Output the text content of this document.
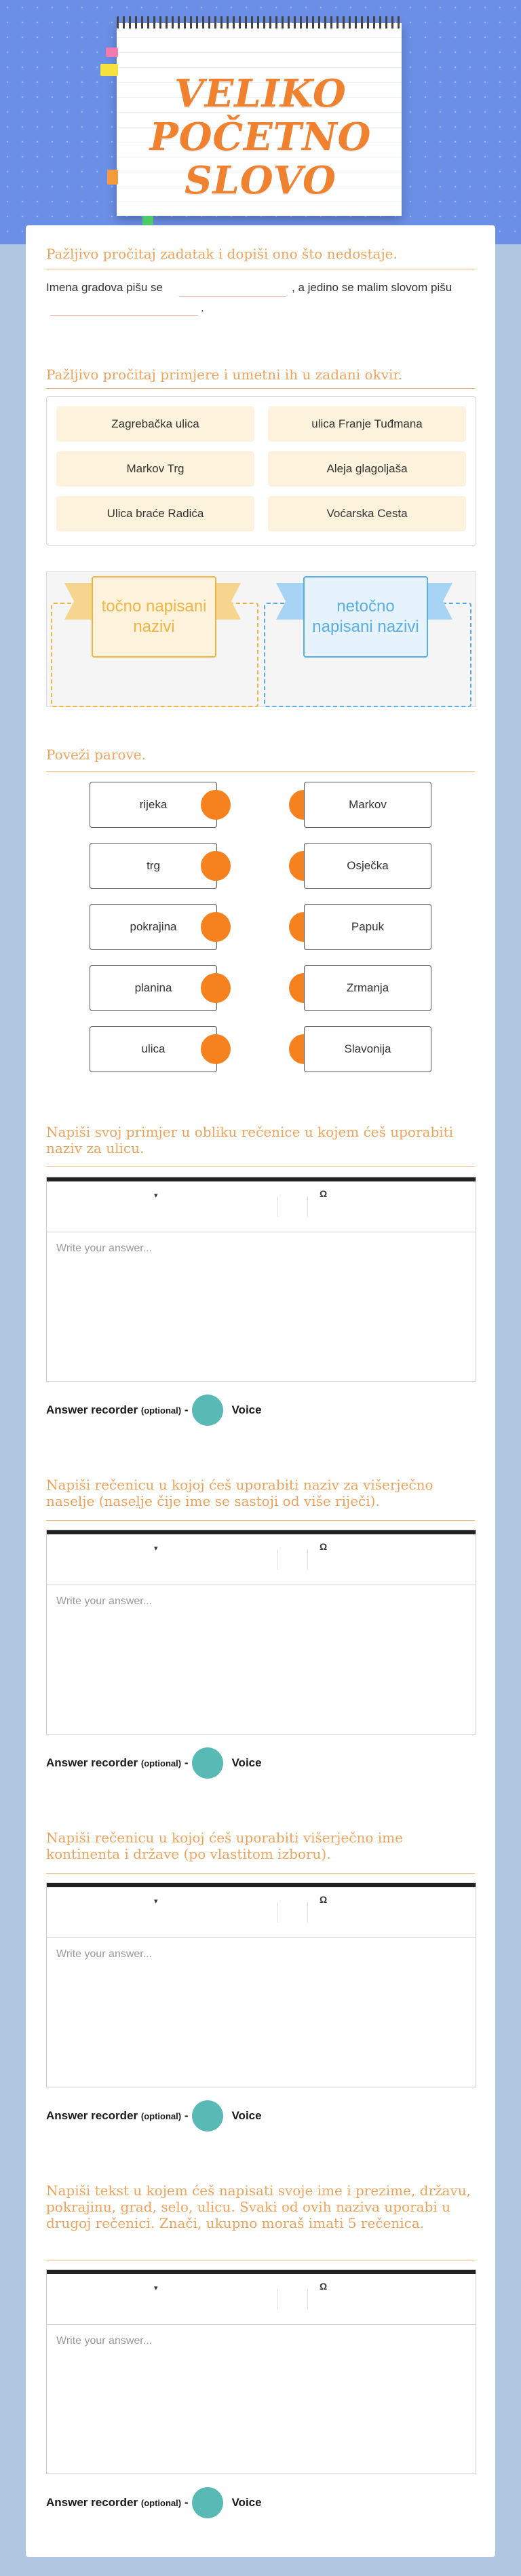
VELIKO POČETNO SLOVO
Pažljivo pročitaj zadatak i dopiši ono što nedostaje.
Imena gradova pišu se	, a jedino se malim slovom pišu
.
Pažljivo pročitaj primjere i umetni ih u zadani okvir.
Zagrebačka ulica	ulica Franje Tuđmana
Markov Trg	Aleja glagoljaša
Ulica braće Radića	Voćarska Cesta
točno napisani nazivi
netočno napisani nazivi
Poveži parove.
rijeka	Markov
trg	Osječka
pokrajina	Papuk
planina	Zrmanja
ulica	Slavonija
Napiši svoj primjer u obliku rečenice u kojem ćeš uporabiti naziv za ulicu.
▾	Ω
Write your answer...
Answer recorder (optional) -	Voice
Napiši rečenicu u kojoj ćeš uporabiti naziv za višerječno naselje (naselje čije ime se sastoji od više riječi).
▾	Ω
Write your answer...
Answer recorder (optional) -	Voice
Napiši rečenicu u kojoj ćeš uporabiti višerječno ime kontinenta i države (po vlastitom izboru).
▾	Ω
Write your answer...
Answer recorder (optional) -	Voice
Napiši tekst u kojem ćeš napisati svoje ime i prezime, državu, pokrajinu, grad, selo, ulicu. Svaki od ovih naziva uporabi u drugoj rečenici. Znači, ukupno moraš imati 5 rečenica.
▾	Ω
Write your answer...
Answer recorder (optional) -	Voice
